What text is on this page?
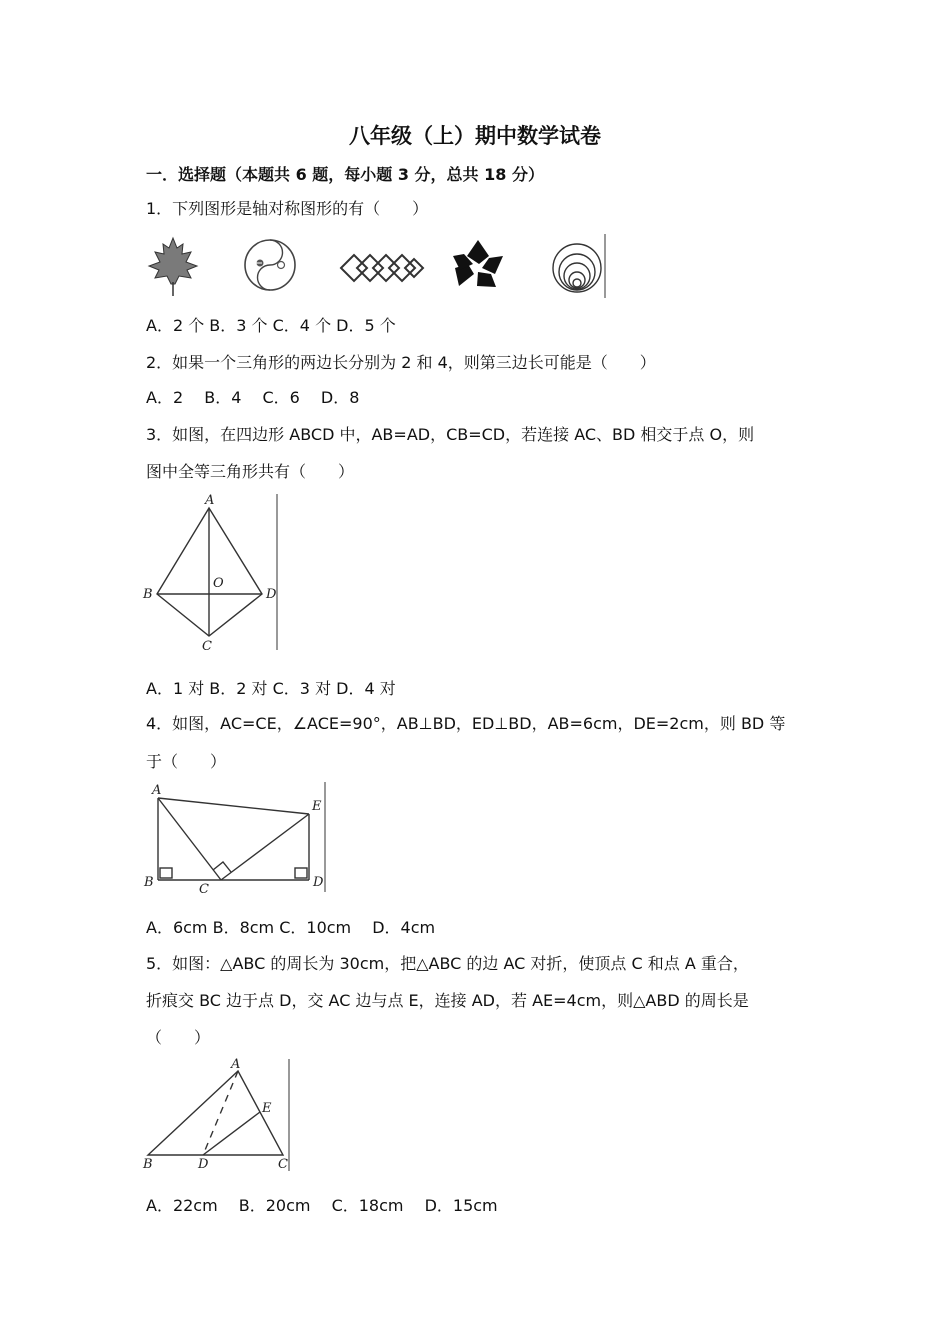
八年级（上）期中数学试卷
一．选择题（本题共 6 题，每小题 3 分，总共 18 分）
1．下列图形是轴对称图形的有（　　）
A．2 个 B．3 个 C．4 个 D．5 个
2．如果一个三角形的两边长分别为 2 和 4，则第三边长可能是（　　）
A．2　 B．4　 C．6　 D．8
3．如图，在四边形 ABCD 中，AB=AD，CB=CD，若连接 AC、BD 相交于点 O，则
图中全等三角形共有（　　）
A
B
C
D
O
A．1 对 B．2 对 C．3 对 D．4 对
4．如图，AC=CE，∠ACE=90°，AB⊥BD，ED⊥BD，AB=6cm，DE=2cm，则 BD 等
于（　　）
A
B	C	D
E
A．6cm B．8cm C．10cm　 D．4cm
5．如图：△ABC 的周长为 30cm，把△ABC 的边 AC 对折，使顶点 C 和点 A 重合，
折痕交 BC 边于点 D，交 AC 边与点 E，连接 AD，若 AE=4cm，则△ABD 的周长是
（　　）
A
B	C
D
E
A．22cm　 B．20cm　 C．18cm　 D．15cm
